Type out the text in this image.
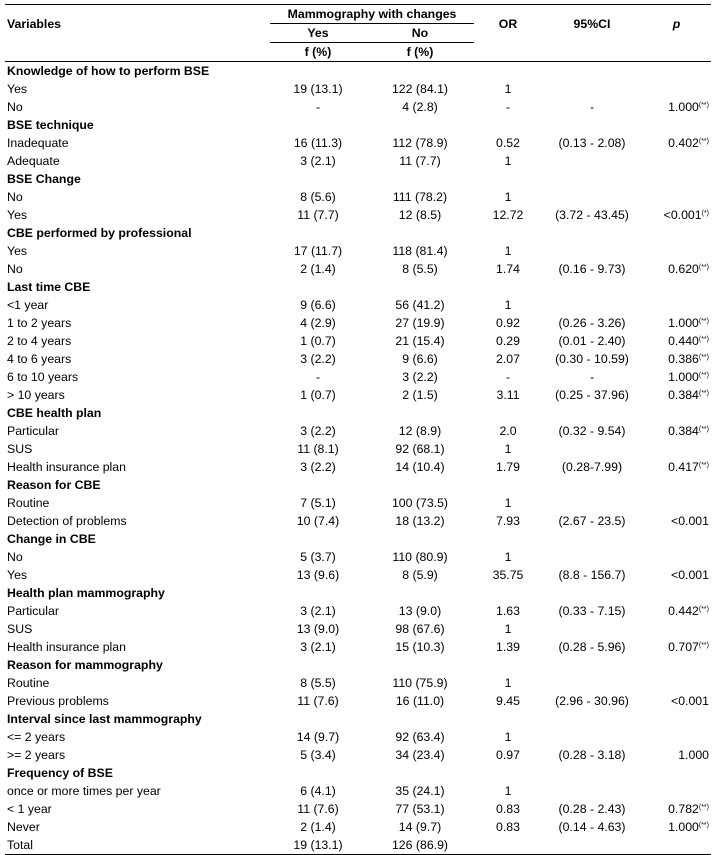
Variables	Mammography with changes		OR	95%CI	p
	Yes	No			
	f (%)	f (%)			
Knowledge of how to perform BSE					
Yes	19 (13.1)	122 (84.1)	1		
No	-	4 (2.8)	-	-	1.000(**)
BSE technique					
Inadequate	16 (11.3)	112 (78.9)	0.52	(0.13 - 2.08)	0.402(**)
Adequate	3 (2.1)	11 (7.7)	1		
BSE Change					
No	8 (5.6)	111 (78.2)	1		
Yes	11 (7.7)	12 (8.5)	12.72	(3.72 - 43.45)	<0.001(*)
CBE performed by professional					
Yes	17 (11.7)	118 (81.4)	1		
No	2 (1.4)	8 (5.5)	1.74	(0.16 - 9.73)	0.620(**)
Last time CBE					
<1 year	9 (6.6)	56 (41.2)	1		
1 to 2 years	4 (2.9)	27 (19.9)	0.92	(0.26 - 3.26)	1.000(**)
2 to 4 years	1 (0.7)	21 (15.4)	0.29	(0.01 - 2.40)	0.440(**)
4 to 6 years	3 (2.2)	9 (6.6)	2.07	(0.30 - 10.59)	0.386(**)
6 to 10 years	-	3 (2.2)	-	-	1.000(**)
> 10 years	1 (0.7)	2 (1.5)	3.11	(0.25 - 37.96)	0.384(**)
CBE health plan					
Particular	3 (2.2)	12 (8.9)	2.0	(0.32 - 9.54)	0.384(**)
SUS	11 (8.1)	92 (68.1)	1		
Health insurance plan	3 (2.2)	14 (10.4)	1.79	(0.28-7.99)	0.417(**)
Reason for CBE					
Routine	7 (5.1)	100 (73.5)	1		
Detection of problems	10 (7.4)	18 (13.2)	7.93	(2.67 - 23.5)	<0.001
Change in CBE					
No	5 (3.7)	110 (80.9)	1		
Yes	13 (9.6)	8 (5.9)	35.75	(8.8 - 156.7)	<0.001
Health plan mammography					
Particular	3 (2.1)	13 (9.0)	1.63	(0.33 - 7.15)	0.442(**)
SUS	13 (9.0)	98 (67.6)	1		
Health insurance plan	3 (2.1)	15 (10.3)	1.39	(0.28 - 5.96)	0.707(**)
Reason for mammography					
Routine	8 (5.5)	110 (75.9)	1		
Previous problems	11 (7.6)	16 (11.0)	9.45	(2.96 - 30.96)	<0.001
Interval since last mammography					
<= 2 years	14 (9.7)	92 (63.4)	1		
>= 2 years	5 (3.4)	34 (23.4)	0.97	(0.28 - 3.18)	1.000
Frequency of BSE					
once or more times per year	6 (4.1)	35 (24.1)	1		
< 1 year	11 (7.6)	77 (53.1)	0.83	(0.28 - 2.43)	0.782(**)
Never	2 (1.4)	14 (9.7)	0.83	(0.14 - 4.63)	1.000(**)
Total	19 (13.1)	126 (86.9)			
